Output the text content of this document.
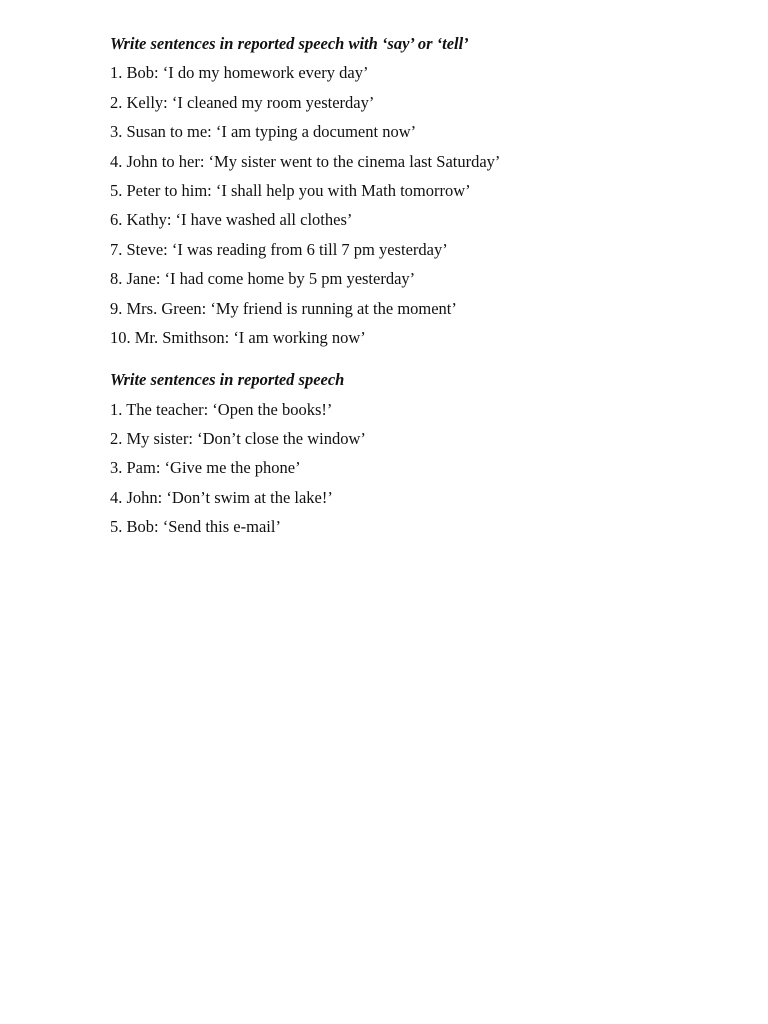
Write sentences in reported speech with ‘say’ or ‘tell’
1. Bob: ‘I do my homework every day’
2. Kelly: ‘I cleaned my room yesterday’
3. Susan to me: ‘I am typing a document now’
4. John to her: ‘My sister went to the cinema last Saturday’
5. Peter to him: ‘I shall help you with Math tomorrow’
6. Kathy: ‘I have washed all clothes’
7. Steve: ‘I was reading from 6 till 7 pm yesterday’
8. Jane: ‘I had come home by 5 pm yesterday’
9. Mrs. Green: ‘My friend is running at the moment’
10. Mr. Smithson: ‘I am working now’
Write sentences in reported speech
1. The teacher: ‘Open the books!’
2. My sister: ‘Don’t close the window’
3. Pam: ‘Give me the phone’
4. John: ‘Don’t swim at the lake!’
5. Bob: ‘Send this e-mail’
